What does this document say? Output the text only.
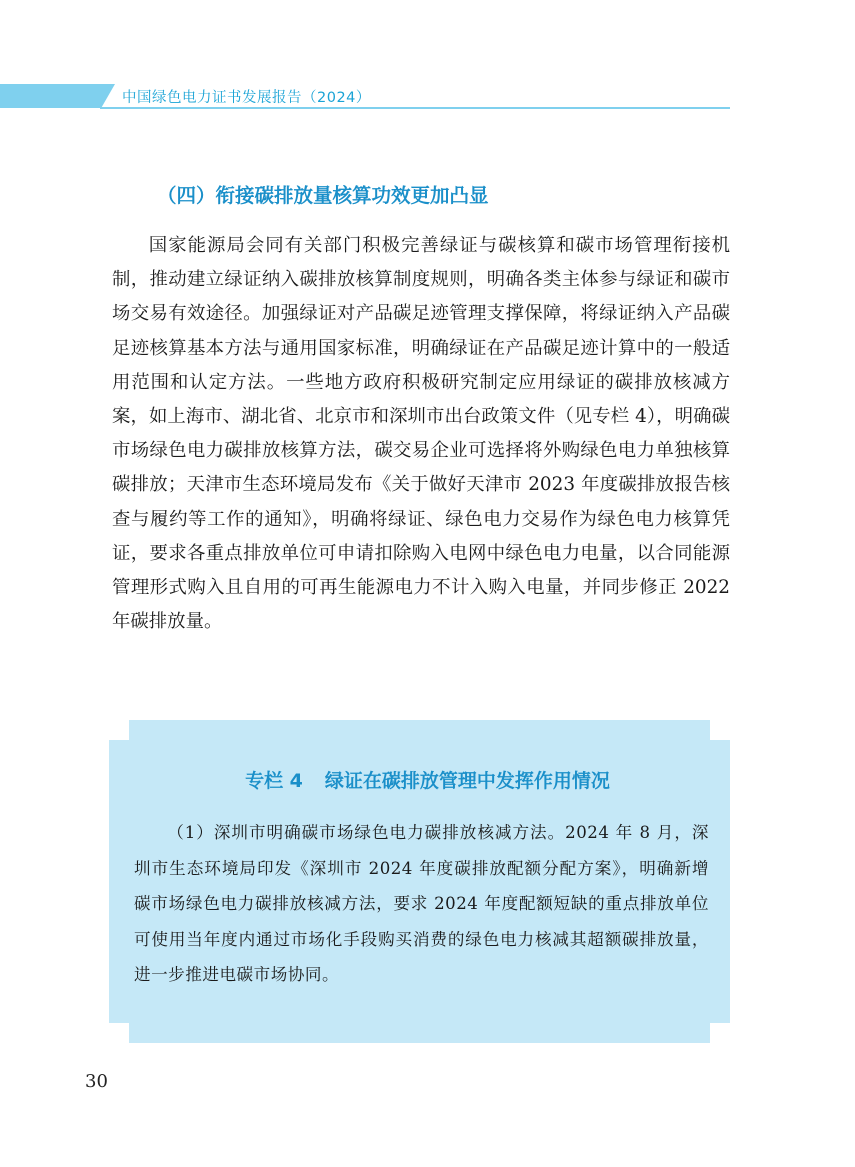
中国绿色电力证书发展报告（2024）
（四）衔接碳排放量核算功效更加凸显

国家能源局会同有关部门积极完善绿证与碳核算和碳市场管理衔接机制，推动建立绿证纳入碳排放核算制度规则，明确各类主体参与绿证和碳市场交易有效途径。加强绿证对产品碳足迹管理支撑保障，将绿证纳入产品碳足迹核算基本方法与通用国家标准，明确绿证在产品碳足迹计算中的一般适用范围和认定方法。一些地方政府积极研究制定应用绿证的碳排放核减方案，如上海市、湖北省、北京市和深圳市出台政策文件（见专栏 4），明确碳市场绿色电力碳排放核算方法，碳交易企业可选择将外购绿色电力单独核算碳排放；天津市生态环境局发布《关于做好天津市 2023 年度碳排放报告核查与履约等工作的通知》，明确将绿证、绿色电力交易作为绿色电力核算凭证，要求各重点排放单位可申请扣除购入电网中绿色电力电量，以合同能源管理形式购入且自用的可再生能源电力不计入购入电量，并同步修正 2022 年碳排放量。

专栏 4 绿证在碳排放管理中发挥作用情况

（1）深圳市明确碳市场绿色电力碳排放核减方法。2024 年 8 月，深圳市生态环境局印发《深圳市 2024 年度碳排放配额分配方案》，明确新增碳市场绿色电力碳排放核减方法，要求 2024 年度配额短缺的重点排放单位可使用当年度内通过市场化手段购买消费的绿色电力核减其超额碳排放量，进一步推进电碳市场协同。

30
